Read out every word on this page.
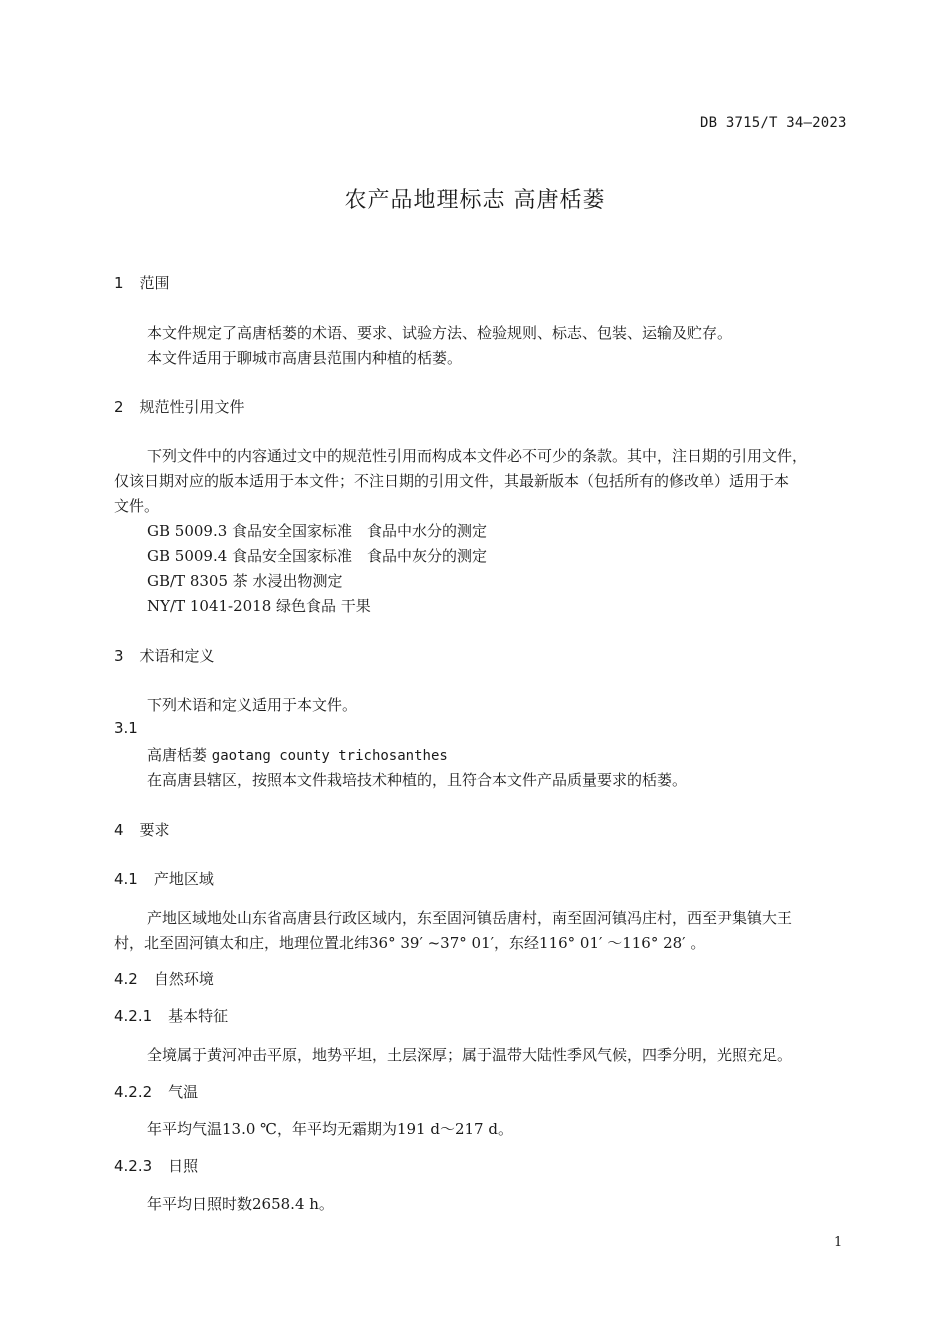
DB 3715/T 34—2023
农产品地理标志 高唐栝蒌
1 范围
本文件规定了高唐栝蒌的术语、要求、试验方法、检验规则、标志、包装、运输及贮存。
本文件适用于聊城市高唐县范围内种植的栝蒌。
2 规范性引用文件
下列文件中的内容通过文中的规范性引用而构成本文件必不可少的条款。其中，注日期的引用文件，
仅该日期对应的版本适用于本文件；不注日期的引用文件，其最新版本（包括所有的修改单）适用于本
文件。
GB 5009.3 食品安全国家标准　食品中水分的测定
GB 5009.4 食品安全国家标准　食品中灰分的测定
GB/T 8305 茶 水浸出物测定
NY/T 1041-2018 绿色食品 干果
3 术语和定义
下列术语和定义适用于本文件。
3.1
高唐栝蒌 gaotang county trichosanthes
在高唐县辖区，按照本文件栽培技术种植的，且符合本文件产品质量要求的栝蒌。
4 要求
4.1 产地区域
产地区域地处山东省高唐县行政区域内，东至固河镇岳唐村，南至固河镇冯庄村，西至尹集镇大王
村，北至固河镇太和庄，地理位置北纬36° 39′ ~37° 01′，东经116° 01′ ～116° 28′ 。
4.2 自然环境
4.2.1 基本特征
全境属于黄河冲击平原，地势平坦，土层深厚；属于温带大陆性季风气候，四季分明，光照充足。
4.2.2 气温
年平均气温13.0 ℃，年平均无霜期为191 d～217 d。
4.2.3 日照
年平均日照时数2658.4 h。
1
